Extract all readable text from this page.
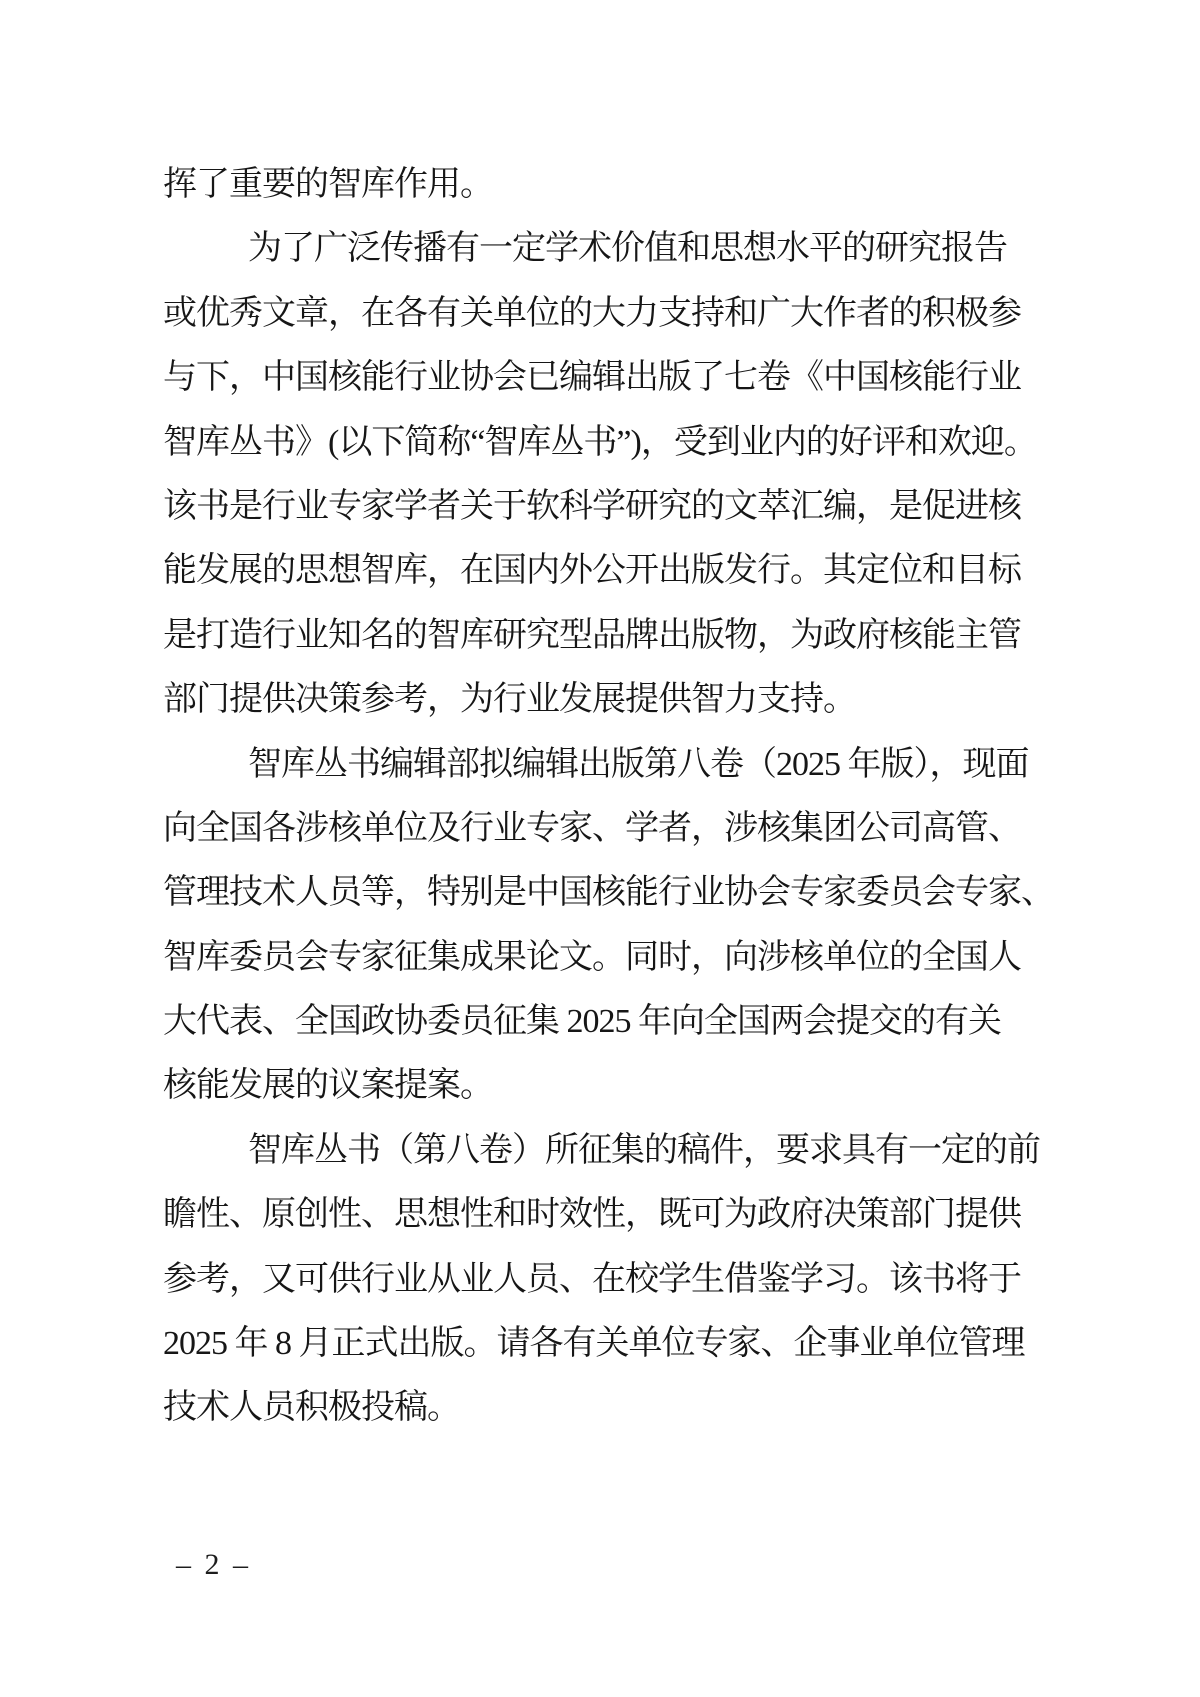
挥了重要的智库作用。
为了广泛传播有一定学术价值和思想水平的研究报告
或优秀文章，在各有关单位的大力支持和广大作者的积极参
与下，中国核能行业协会已编辑出版了七卷《中国核能行业
智库丛书》(以下简称“智库丛书”)，受到业内的好评和欢迎。
该书是行业专家学者关于软科学研究的文萃汇编，是促进核
能发展的思想智库，在国内外公开出版发行。其定位和目标
是打造行业知名的智库研究型品牌出版物，为政府核能主管
部门提供决策参考，为行业发展提供智力支持。
智库丛书编辑部拟编辑出版第八卷（2025 年版），现面
向全国各涉核单位及行业专家、学者，涉核集团公司高管、
管理技术人员等，特别是中国核能行业协会专家委员会专家、
智库委员会专家征集成果论文。同时，向涉核单位的全国人
大代表、全国政协委员征集 2025 年向全国两会提交的有关
核能发展的议案提案。
智库丛书（第八卷）所征集的稿件，要求具有一定的前
瞻性、原创性、思想性和时效性，既可为政府决策部门提供
参考，又可供行业从业人员、在校学生借鉴学习。该书将于
2025 年 8 月正式出版。请各有关单位专家、企事业单位管理
技术人员积极投稿。
– 2 –
